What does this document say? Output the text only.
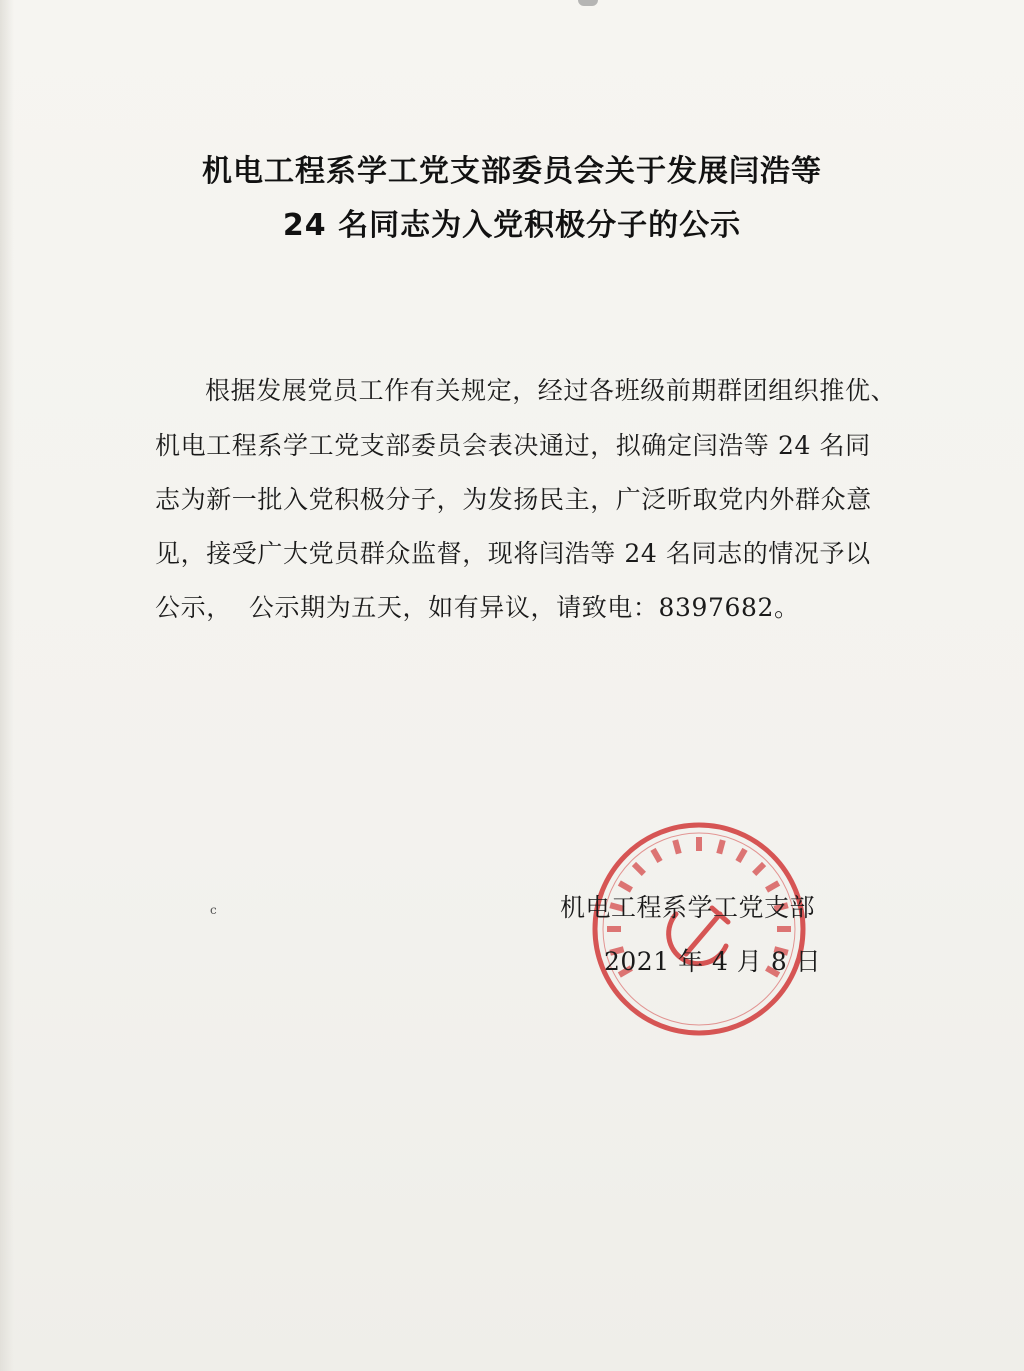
机电工程系学工党支部委员会关于发展闫浩等
24 名同志为入党积极分子的公示
根据发展党员工作有关规定，经过各班级前期群团组织推优、
机电工程系学工党支部委员会表决通过，拟确定闫浩等 24 名同
志为新一批入党积极分子，为发扬民主，广泛听取党内外群众意
见，接受广大党员群众监督，现将闫浩等 24 名同志的情况予以
公示，  公示期为五天，如有异议，请致电：8397682。
c	机电工程系学工党支部
2021 年 4 月 8 日
